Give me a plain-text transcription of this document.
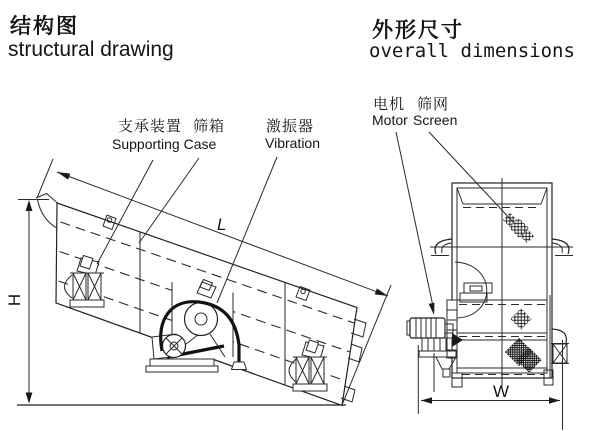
结构图
structural drawing
外形尺寸
overall dimensions
支承装置 筛箱
Supporting Case
激振器
Vibration
电机 筛网
Motor Screen
L
H
W
